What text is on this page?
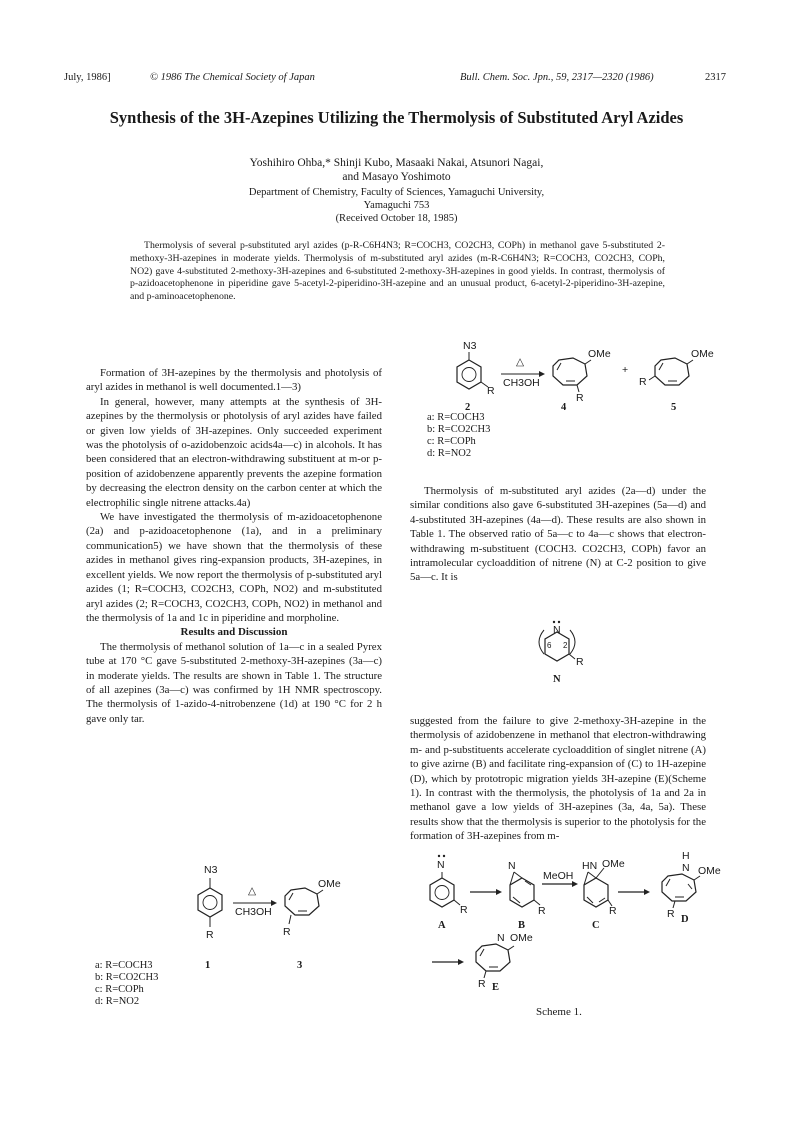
July, 1986]	© 1986 The Chemical Society of Japan	Bull. Chem. Soc. Jpn., 59, 2317—2320 (1986)	2317
Synthesis of the 3H-Azepines Utilizing the Thermolysis of Substituted Aryl Azides
Yoshihiro Ohba,* Shinji Kubo, Masaaki Nakai, Atsunori Nagai,
and Masayo Yoshimoto
Department of Chemistry, Faculty of Sciences, Yamaguchi University,
Yamaguchi 753
(Received October 18, 1985)
Thermolysis of several p-substituted aryl azides (p-R-C6H4N3; R=COCH3, CO2CH3, COPh) in methanol gave 5-substituted 2-methoxy-3H-azepines in moderate yields. Thermolysis of m-substituted aryl azides (m-R-C6H4N3; R=COCH3, CO2CH3, COPh, NO2) gave 4-substituted 2-methoxy-3H-azepines and 6-substituted 2-methoxy-3H-azepines in good yields. In contrast, thermolysis of p-azidoacetophenone in piperidine gave 5-acetyl-2-piperidino-3H-azepine and an unusual product, 6-acetyl-2-piperidino-3H-azepine, and p-aminoacetophenone.

Formation of 3H-azepines by the thermolysis and photolysis of aryl azides in methanol is well documented.1—3)

In general, however, many attempts at the synthesis of 3H-azepines by the thermolysis or photolysis of aryl azides have failed or given low yields of 3H-azepines. Only succeeded experiment was the photolysis of o-azidobenzoic acids4a—c) in alcohols. It has been considered that an electron-withdrawing substituent at m-or p-position of azidobenzene apparently prevents the azepine formation by decreasing the electron density on the carbon center at which the electrophilic single nitrene attacks.4a)

We have investigated the thermolysis of m-azidoacetophenone (2a) and p-azidoacetophenone (1a), and in a preliminary communication5) we have shown that the thermolysis of these azides in methanol gives ring-expansion products, 3H-azepines, in excellent yields. We now report the thermolysis of p-substituted aryl azides (1; R=COCH3, CO2CH3, COPh, NO2) and m-substituted aryl azides (2; R=COCH3, CO2CH3, COPh, NO2) in methanol and the thermolysis of 1a and 1c in piperidine and morpholine.

Results and Discussion

The thermolysis of methanol solution of 1a—c in a sealed Pyrex tube at 170 °C gave 5-substituted 2-methoxy-3H-azepines (3a—c) in moderate yields. The results are shown in Table 1. The structure of all azepines (3a—c) was confirmed by 1H NMR spectroscopy. The thermolysis of 1-azido-4-nitrobenzene (1d) at 190 °C for 2 h gave only tar.

N3
R
△
CH3OH
OMe
R
1	3
a: R=COCH3
b: R=CO2CH3
c: R=COPh
d: R=NO2
N3
R
△
CH3OH
OMe
R
+
OMe
R
2	4	5
a: R=COCH3
b: R=CO2CH3
c: R=COPh
d: R=NO2

Thermolysis of m-substituted aryl azides (2a—d) under the similar conditions also gave 6-substituted 3H-azepines (5a—d) and 4-substituted 3H-azepines (4a—d). These results are also shown in Table 1. The observed ratio of 5a—c to 4a—c shows that electron-withdrawing m-substituent (COCH3. CO2CH3, COPh) favor an intramolecular cycloaddition of nitrene (N) at C-2 position to give 5a—c. It is

N
6 2
R
N

suggested from the failure to give 2-methoxy-3H-azepine in the thermolysis of azidobenzene in methanol that electron-withdrawing m- and p-substituents accelerate cycloaddition of singlet nitrene (A) to give azirne (B) and facilitate ring-expansion of (C) to 1H-azepine (D), which by prototropic migration yields 3H-azepine (E)(Scheme 1). In contrast with the thermolysis, the photolysis of 1a and 2a in methanol gave a low yields of 3H-azepines (3a, 4a, 5a). These results show that the thermolysis is superior to the photolysis for the formation of 3H-azepines from m-

N
R
A
N
R
B
MeOH
HN OMe
R
C
H
N OMe
R D
N OMe
R E
Scheme 1.
